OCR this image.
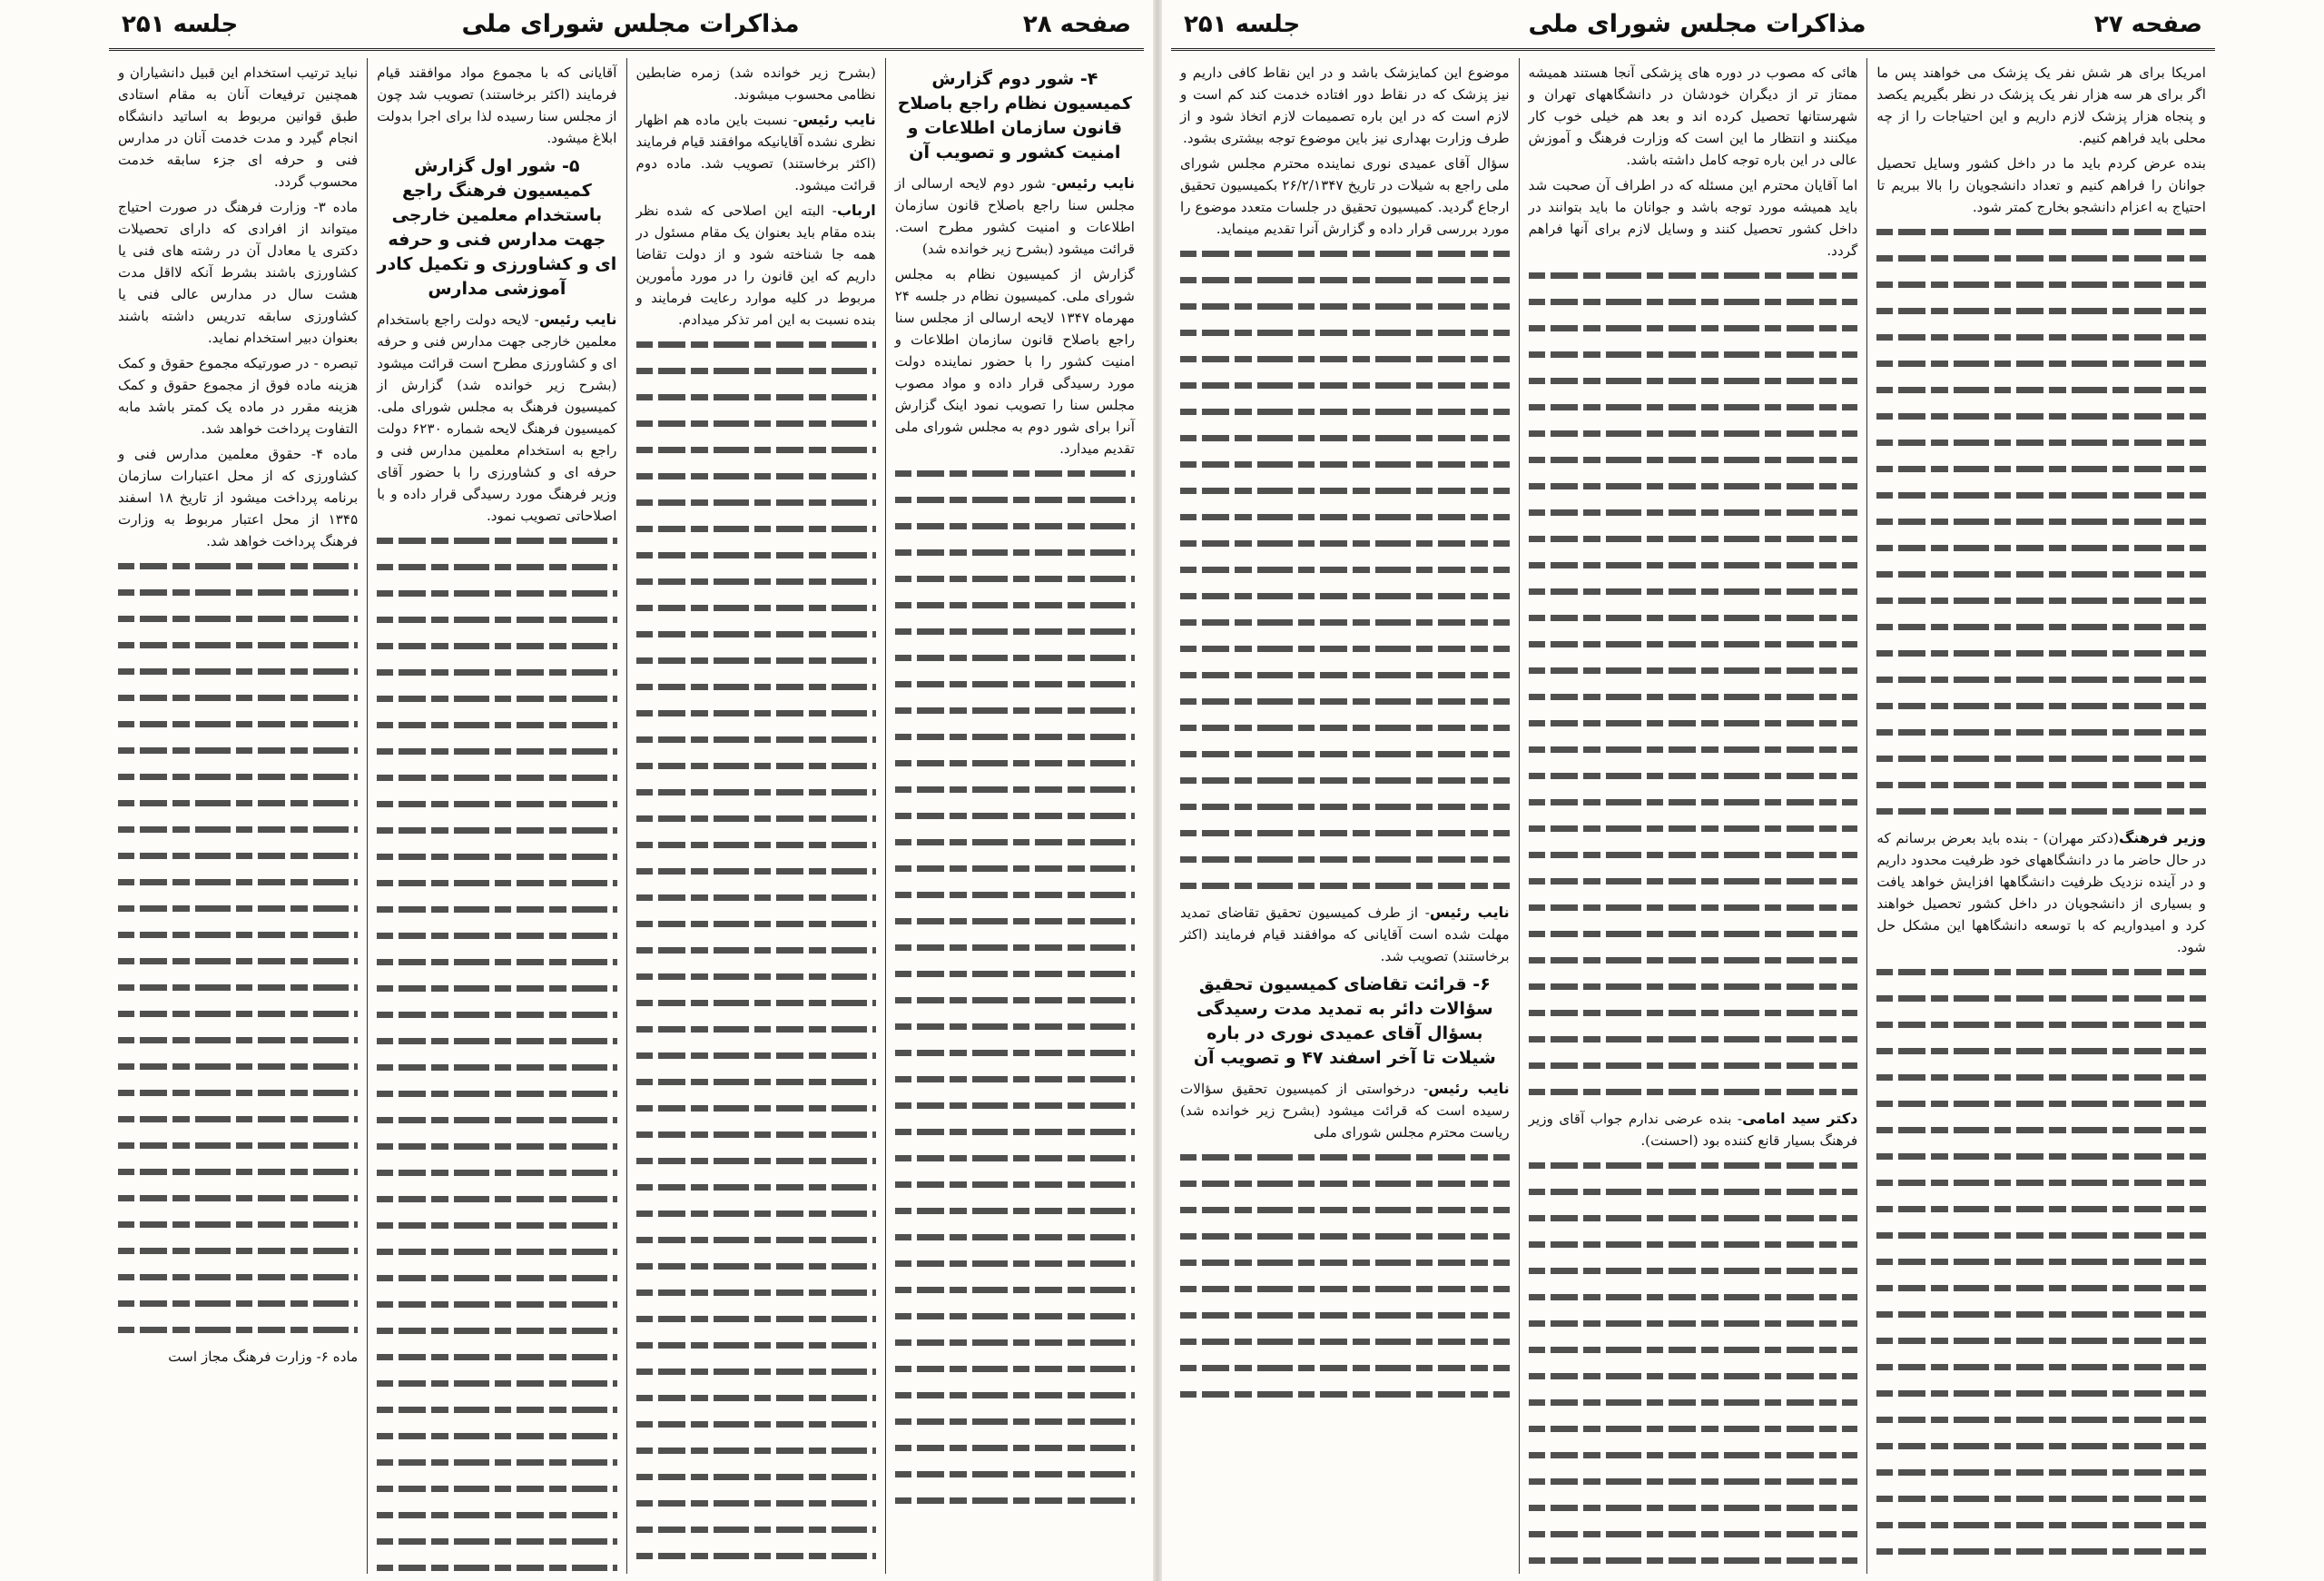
صفحه ۲۸
مذاکرات مجلس شورای ملی
جلسه ۲۵۱
۴- شور دوم گزارش کمیسیون نظام راجع باصلاح قانون سازمان اطلاعات و امنیت کشور و تصویب آن

نایب رئیس- شور دوم لایحه ارسالی از مجلس سنا راجع باصلاح قانون سازمان اطلاعات و امنیت کشور مطرح است. قرائت میشود (بشرح زیر خوانده شد)

گزارش از کمیسیون نظام به مجلس شورای ملی. کمیسیون نظام در جلسه ۲۴ مهرماه ۱۳۴۷ لایحه ارسالی از مجلس سنا راجع باصلاح قانون سازمان اطلاعات و امنیت کشور را با حضور نماینده دولت مورد رسیدگی قرار داده و مواد مصوب مجلس سنا را تصویب نمود اینک گزارش آنرا برای شور دوم به مجلس شورای ملی تقدیم میدارد.

(بشرح زیر خوانده شد) زمره ضابطین نظامی محسوب میشوند.

نایب رئیس- نسبت باین ماده هم اظهار نظری نشده آقایانیکه موافقند قیام فرمایند (اکثر برخاستند) تصویب شد. ماده دوم قرائت میشود.

ارباب- البته این اصلاحی که شده نظر بنده مقام باید بعنوان یک مقام مسئول در همه جا شناخته شود و از دولت تقاضا داریم که این قانون را در مورد مأمورین مربوط در کلیه موارد رعایت فرمایند و بنده نسبت به این امر تذکر میدادم.

آقایانی که با مجموع مواد موافقند قیام فرمایند (اکثر برخاستند) تصویب شد چون از مجلس سنا رسیده لذا برای اجرا بدولت ابلاغ میشود.

۵- شور اول گزارش کمیسیون فرهنگ راجع باستخدام معلمین خارجی جهت مدارس فنی و حرفه ای و کشاورزی و تکمیل کادر آموزشی مدارس

نایب رئیس- لایحه دولت راجع باستخدام معلمین خارجی جهت مدارس فنی و حرفه ای و کشاورزی مطرح است قرائت میشود (بشرح زیر خوانده شد) گزارش از کمیسیون فرهنگ به مجلس شورای ملی. کمیسیون فرهنگ لایحه شماره ۶۲۳۰ دولت راجع به استخدام معلمین مدارس فنی و حرفه ای و کشاورزی را با حضور آقای وزیر فرهنگ مورد رسیدگی قرار داده و با اصلاحاتی تصویب نمود.

نباید ترتیب استخدام این قبیل دانشیاران و همچنین ترفیعات آنان به مقام استادی طبق قوانین مربوط به اساتید دانشگاه انجام گیرد و مدت خدمت آنان در مدارس فنی و حرفه ای جزء سابقه خدمت محسوب گردد.

ماده ۳- وزارت فرهنگ در صورت احتیاج میتواند از افرادی که دارای تحصیلات دکتری یا معادل آن در رشته های فنی یا کشاورزی باشند بشرط آنکه لااقل مدت هشت سال در مدارس عالی فنی یا کشاورزی سابقه تدریس داشته باشند بعنوان دبیر استخدام نماید.

تبصره - در صورتیکه مجموع حقوق و کمک هزینه ماده فوق از مجموع حقوق و کمک هزینه مقرر در ماده یک کمتر باشد مابه التفاوت پرداخت خواهد شد.

ماده ۴- حقوق معلمین مدارس فنی و کشاورزی که از محل اعتبارات سازمان برنامه پرداخت میشود از تاریخ ۱۸ اسفند ۱۳۴۵ از محل اعتبار مربوط به وزارت فرهنگ پرداخت خواهد شد.

ماده ۶- وزارت فرهنگ مجاز است

صفحه ۲۷
مذاکرات مجلس شورای ملی
جلسه ۲۵۱

امریکا برای هر شش نفر یک پزشک می خواهند پس ما اگر برای هر سه هزار نفر یک پزشک در نظر بگیریم یکصد و پنجاه هزار پزشک لازم داریم و این احتیاجات را از چه محلی باید فراهم کنیم.

بنده عرض کردم باید ما در داخل کشور وسایل تحصیل جوانان را فراهم کنیم و تعداد دانشجویان را بالا ببریم تا احتیاج به اعزام دانشجو بخارج کمتر شود.

وزیر فرهنگ(دکتر مهران) - بنده باید بعرض برسانم که در حال حاضر ما در دانشگاههای خود ظرفیت محدود داریم و در آینده نزدیک ظرفیت دانشگاهها افزایش خواهد یافت و بسیاری از دانشجویان در داخل کشور تحصیل خواهند کرد و امیدواریم که با توسعه دانشگاهها این مشکل حل شود.

هائی که مصوب در دوره های پزشکی آنجا هستند همیشه ممتاز تر از دیگران خودشان در دانشگاههای تهران و شهرستانها تحصیل کرده اند و بعد هم خیلی خوب کار میکنند و انتظار ما این است که وزارت فرهنگ و آموزش عالی در این باره توجه کامل داشته باشد.

اما آقایان محترم این مسئله که در اطراف آن صحبت شد باید همیشه مورد توجه باشد و جوانان ما باید بتوانند در داخل کشور تحصیل کنند و وسایل لازم برای آنها فراهم گردد.

دکتر سید امامی- بنده عرضی ندارم جواب آقای وزیر فرهنگ بسیار قانع کننده بود (احسنت).

موضوع این کمایزشک باشد و در این نقاط کافی داریم و نیز پزشک که در نقاط دور افتاده خدمت کند کم است و لازم است که در این باره تصمیمات لازم اتخاذ شود و از طرف وزارت بهداری نیز باین موضوع توجه بیشتری بشود.

سؤال آقای عمیدی نوری نماینده محترم مجلس شورای ملی راجع به شیلات در تاریخ ۲۶/۲/۱۳۴۷ بکمیسیون تحقیق ارجاع گردید. کمیسیون تحقیق در جلسات متعدد موضوع را مورد بررسی قرار داده و گزارش آنرا تقدیم مینماید.

نایب رئیس- از طرف کمیسیون تحقیق تقاضای تمدید مهلت شده است آقایانی که موافقند قیام فرمایند (اکثر برخاستند) تصویب شد.

۶- قرائت تقاضای کمیسیون تحقیق سؤالات دائر به تمدید مدت رسیدگی بسؤال آقای عمیدی نوری در باره شیلات تا آخر اسفند ۴۷ و تصویب آن

نایب رئیس- درخواستی از کمیسیون تحقیق سؤالات رسیده است که قرائت میشود (بشرح زیر خوانده شد) ریاست محترم مجلس شورای ملی
